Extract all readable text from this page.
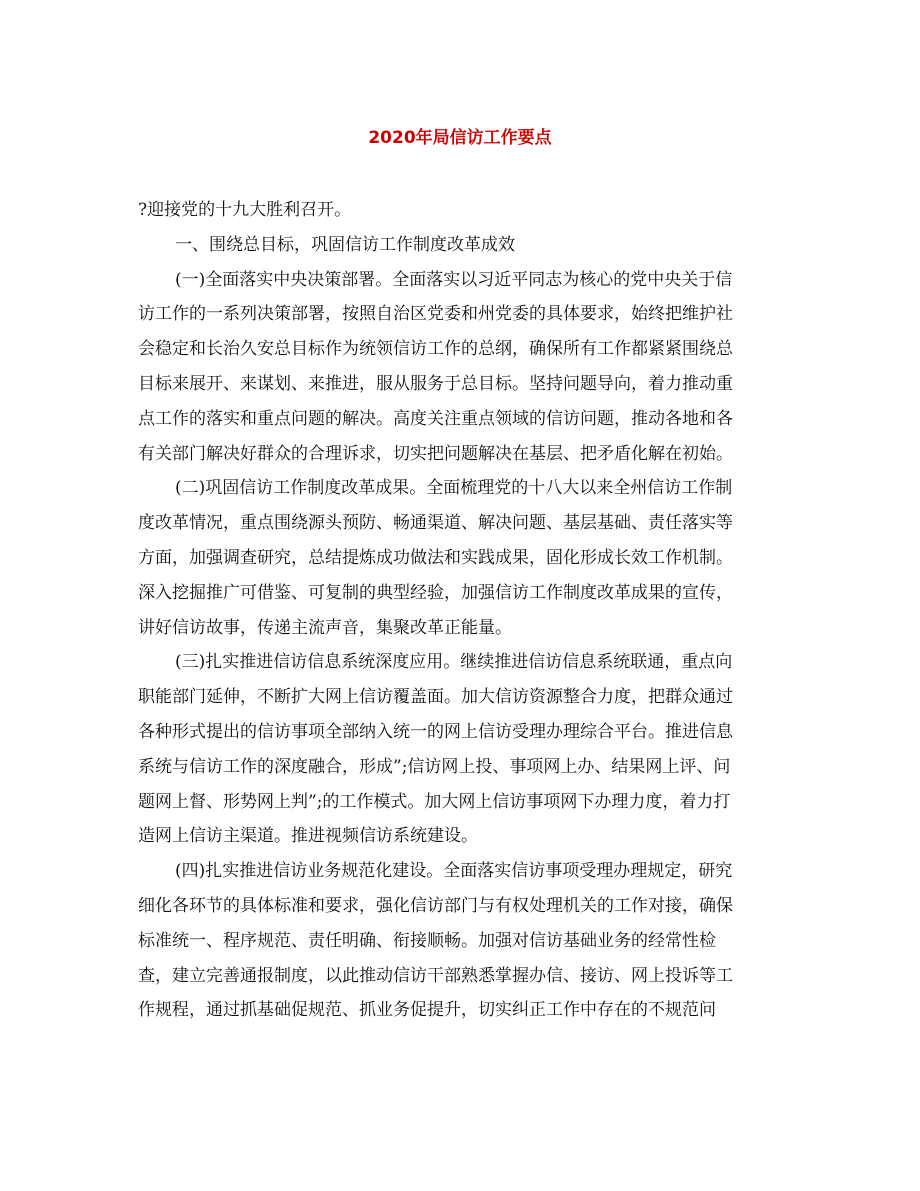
2020年局信访工作要点
?迎接党的十九大胜利召开。
一、围绕总目标，巩固信访工作制度改革成效
(一)全面落实中央决策部署。全面落实以习近平同志为核心的党中央关于信
访工作的一系列决策部署，按照自治区党委和州党委的具体要求，始终把维护社
会稳定和长治久安总目标作为统领信访工作的总纲，确保所有工作都紧紧围绕总
目标来展开、来谋划、来推进，服从服务于总目标。坚持问题导向，着力推动重
点工作的落实和重点问题的解决。高度关注重点领域的信访问题，推动各地和各
有关部门解决好群众的合理诉求，切实把问题解决在基层、把矛盾化解在初始。
(二)巩固信访工作制度改革成果。全面梳理党的十八大以来全州信访工作制
度改革情况，重点围绕源头预防、畅通渠道、解决问题、基层基础、责任落实等
方面，加强调查研究，总结提炼成功做法和实践成果，固化形成长效工作机制。
深入挖掘推广可借鉴、可复制的典型经验，加强信访工作制度改革成果的宣传，
讲好信访故事，传递主流声音，集聚改革正能量。
(三)扎实推进信访信息系统深度应用。继续推进信访信息系统联通，重点向
职能部门延伸，不断扩大网上信访覆盖面。加大信访资源整合力度，把群众通过
各种形式提出的信访事项全部纳入统一的网上信访受理办理综合平台。推进信息
系统与信访工作的深度融合，形成”;信访网上投、事项网上办、结果网上评、问
题网上督、形势网上判”;的工作模式。加大网上信访事项网下办理力度，着力打
造网上信访主渠道。推进视频信访系统建设。
(四)扎实推进信访业务规范化建设。全面落实信访事项受理办理规定，研究
细化各环节的具体标准和要求，强化信访部门与有权处理机关的工作对接，确保
标准统一、程序规范、责任明确、衔接顺畅。加强对信访基础业务的经常性检
查，建立完善通报制度，以此推动信访干部熟悉掌握办信、接访、网上投诉等工
作规程，通过抓基础促规范、抓业务促提升，切实纠正工作中存在的不规范问
